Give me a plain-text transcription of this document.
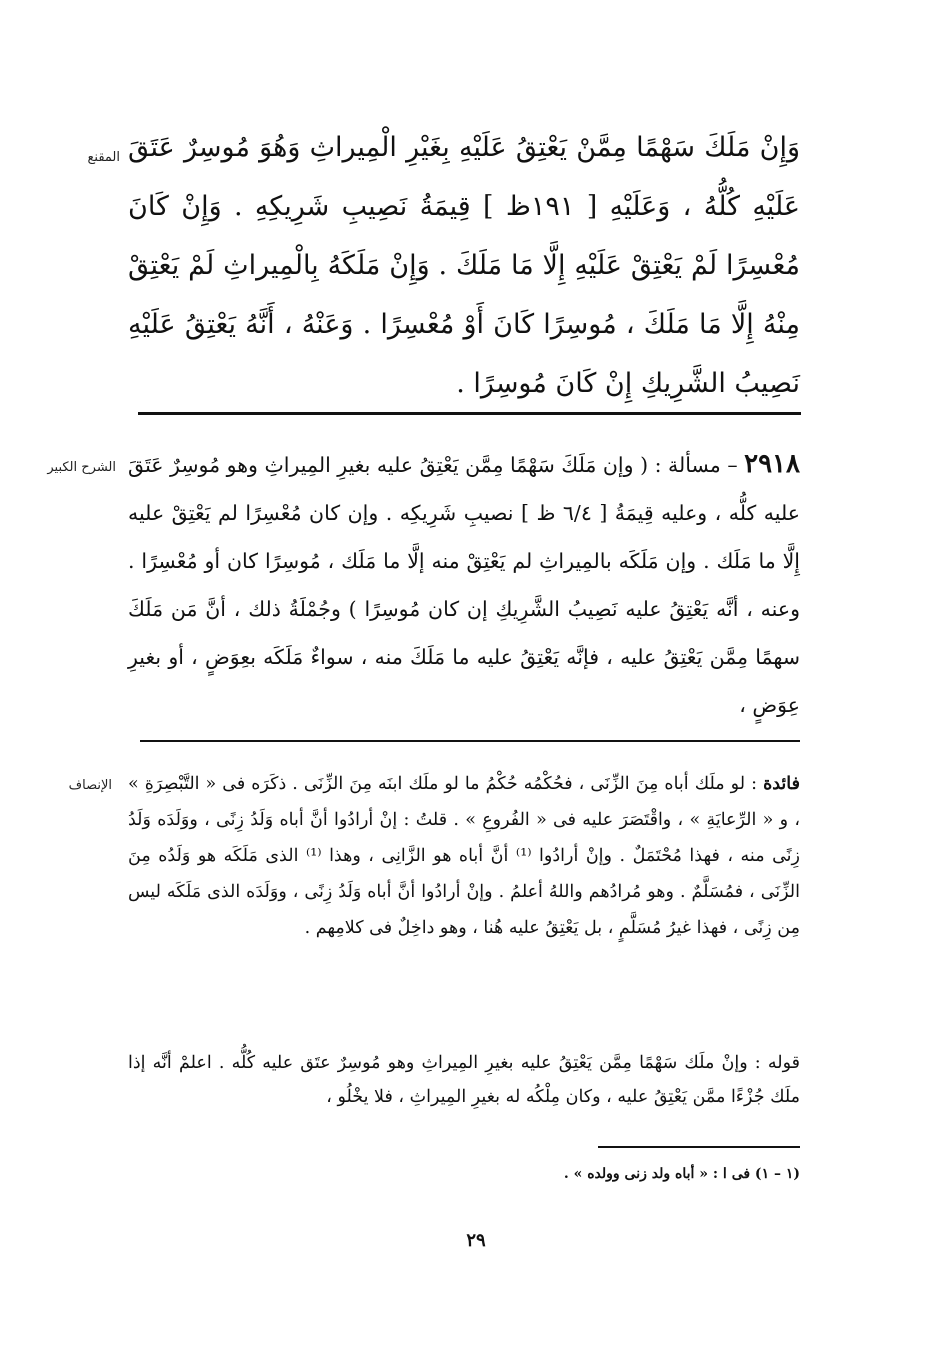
المقنع وَإِنْ مَلَكَ سَهْمًا مِمَّنْ يَعْتِقُ عَلَيْهِ بِغَيْرِ الْمِيراثِ وَهُوَ مُوسِرٌ عَتَقَ عَلَيْهِ كُلُّهُ ، وَعَلَيْهِ [ ١٩١ظ ] قِيمَةُ نَصِيبِ شَرِيكِهِ . وَإِنْ كَانَ مُعْسِرًا لَمْ يَعْتِقْ عَلَيْهِ إِلَّا مَا مَلَكَ . وَإِنْ مَلَكَهُ بِالْمِيراثِ لَمْ يَعْتِقْ مِنْهُ إِلَّا مَا مَلَكَ ، مُوسِرًا كَانَ أَوْ مُعْسِرًا . وَعَنْهُ ، أَنَّهُ يَعْتِقُ عَلَيْهِ نَصِيبُ الشَّرِيكِ إِنْ كَانَ مُوسِرًا .

الشرح الكبير	٢٩١٨ – مسألة : ( وإن مَلَكَ سَهْمًا مِمَّن يَعْتِقُ عليه بغيرِ المِيراثِ وهو مُوسِرٌ عَتَقَ عليه كلُّه ، وعليه قِيمَةُ [ ٦/٤ ظ ] نصيبِ شَرِيكِه . وإن كان مُعْسِرًا لم يَعْتِقْ عليه إِلَّا ما مَلَك . وإن مَلَكَه بالمِيراثِ لم يَعْتِقْ منه إلَّا ما مَلَك ، مُوسِرًا كان أو مُعْسِرًا . وعنه ، أنَّه يَعْتِقُ عليه نَصِيبُ الشَّرِيكِ إن كان مُوسِرًا ) وجُمْلَةُ ذلك ، أنَّ مَن مَلَكَ سهمًا مِمَّن يَعْتِقُ عليه ، فإنَّه يَعْتِقُ عليه ما مَلَكَ منه ، سواءٌ مَلَكَه بعِوَضٍ ، أو بغيرِ عِوَضٍ ،

الإنصاف	فائدة : لو ملَك أباه مِنَ الزِّنَى ، فحُكْمُه حُكْمُ ما لو ملَك ابنَه مِنَ الزِّنَى . ذكَرَه فى « التَّبْصِرَةِ » ، و « الرِّعايَةِ » ، واقْتَصَرَ عليه فى « الفُروعِ » . قلتُ : إنْ أرادُوا أنَّ أباه وَلَدُ زِنًى ، ووَلَدَه وَلَدُ زِنًى منه ، فهذا مُحْتَمَلٌ . وإنْ أرادُوا ⁽¹⁾ أنَّ أباه هو الزَّانِى ، وهذا ⁽¹⁾ الذى مَلَكَه هو وَلَدُه مِنَ الزِّنَى ، فمُسَلَّمٌ . وهو مُرادُهم واللهُ أعلمُ . وإنْ أرادُوا أنَّ أباه وَلَدُ زِنًى ، ووَلَدَه الذى مَلَكَه ليس مِن زِنًى ، فهذا غيرُ مُسَلَّمٍ ، بل يَعْتِقُ عليه هُنا ، وهو داخِلٌ فى كلامِهم .

قوله : وإنْ ملَك سَهْمًا مِمَّن يَعْتِقُ عليه بغيرِ المِيراثِ وهو مُوسِرٌ عتَق عليه كُلُّه . اعلمْ أنَّه إذا ملَك جُزْءًا ممَّن يَعْتِقُ عليه ، وكان مِلْكُه له بغيرِ المِيراثِ ، فلا يخْلُو ،

(١ – ١) فى ا : « أباه ولد زنى وولده » .
٢٩
